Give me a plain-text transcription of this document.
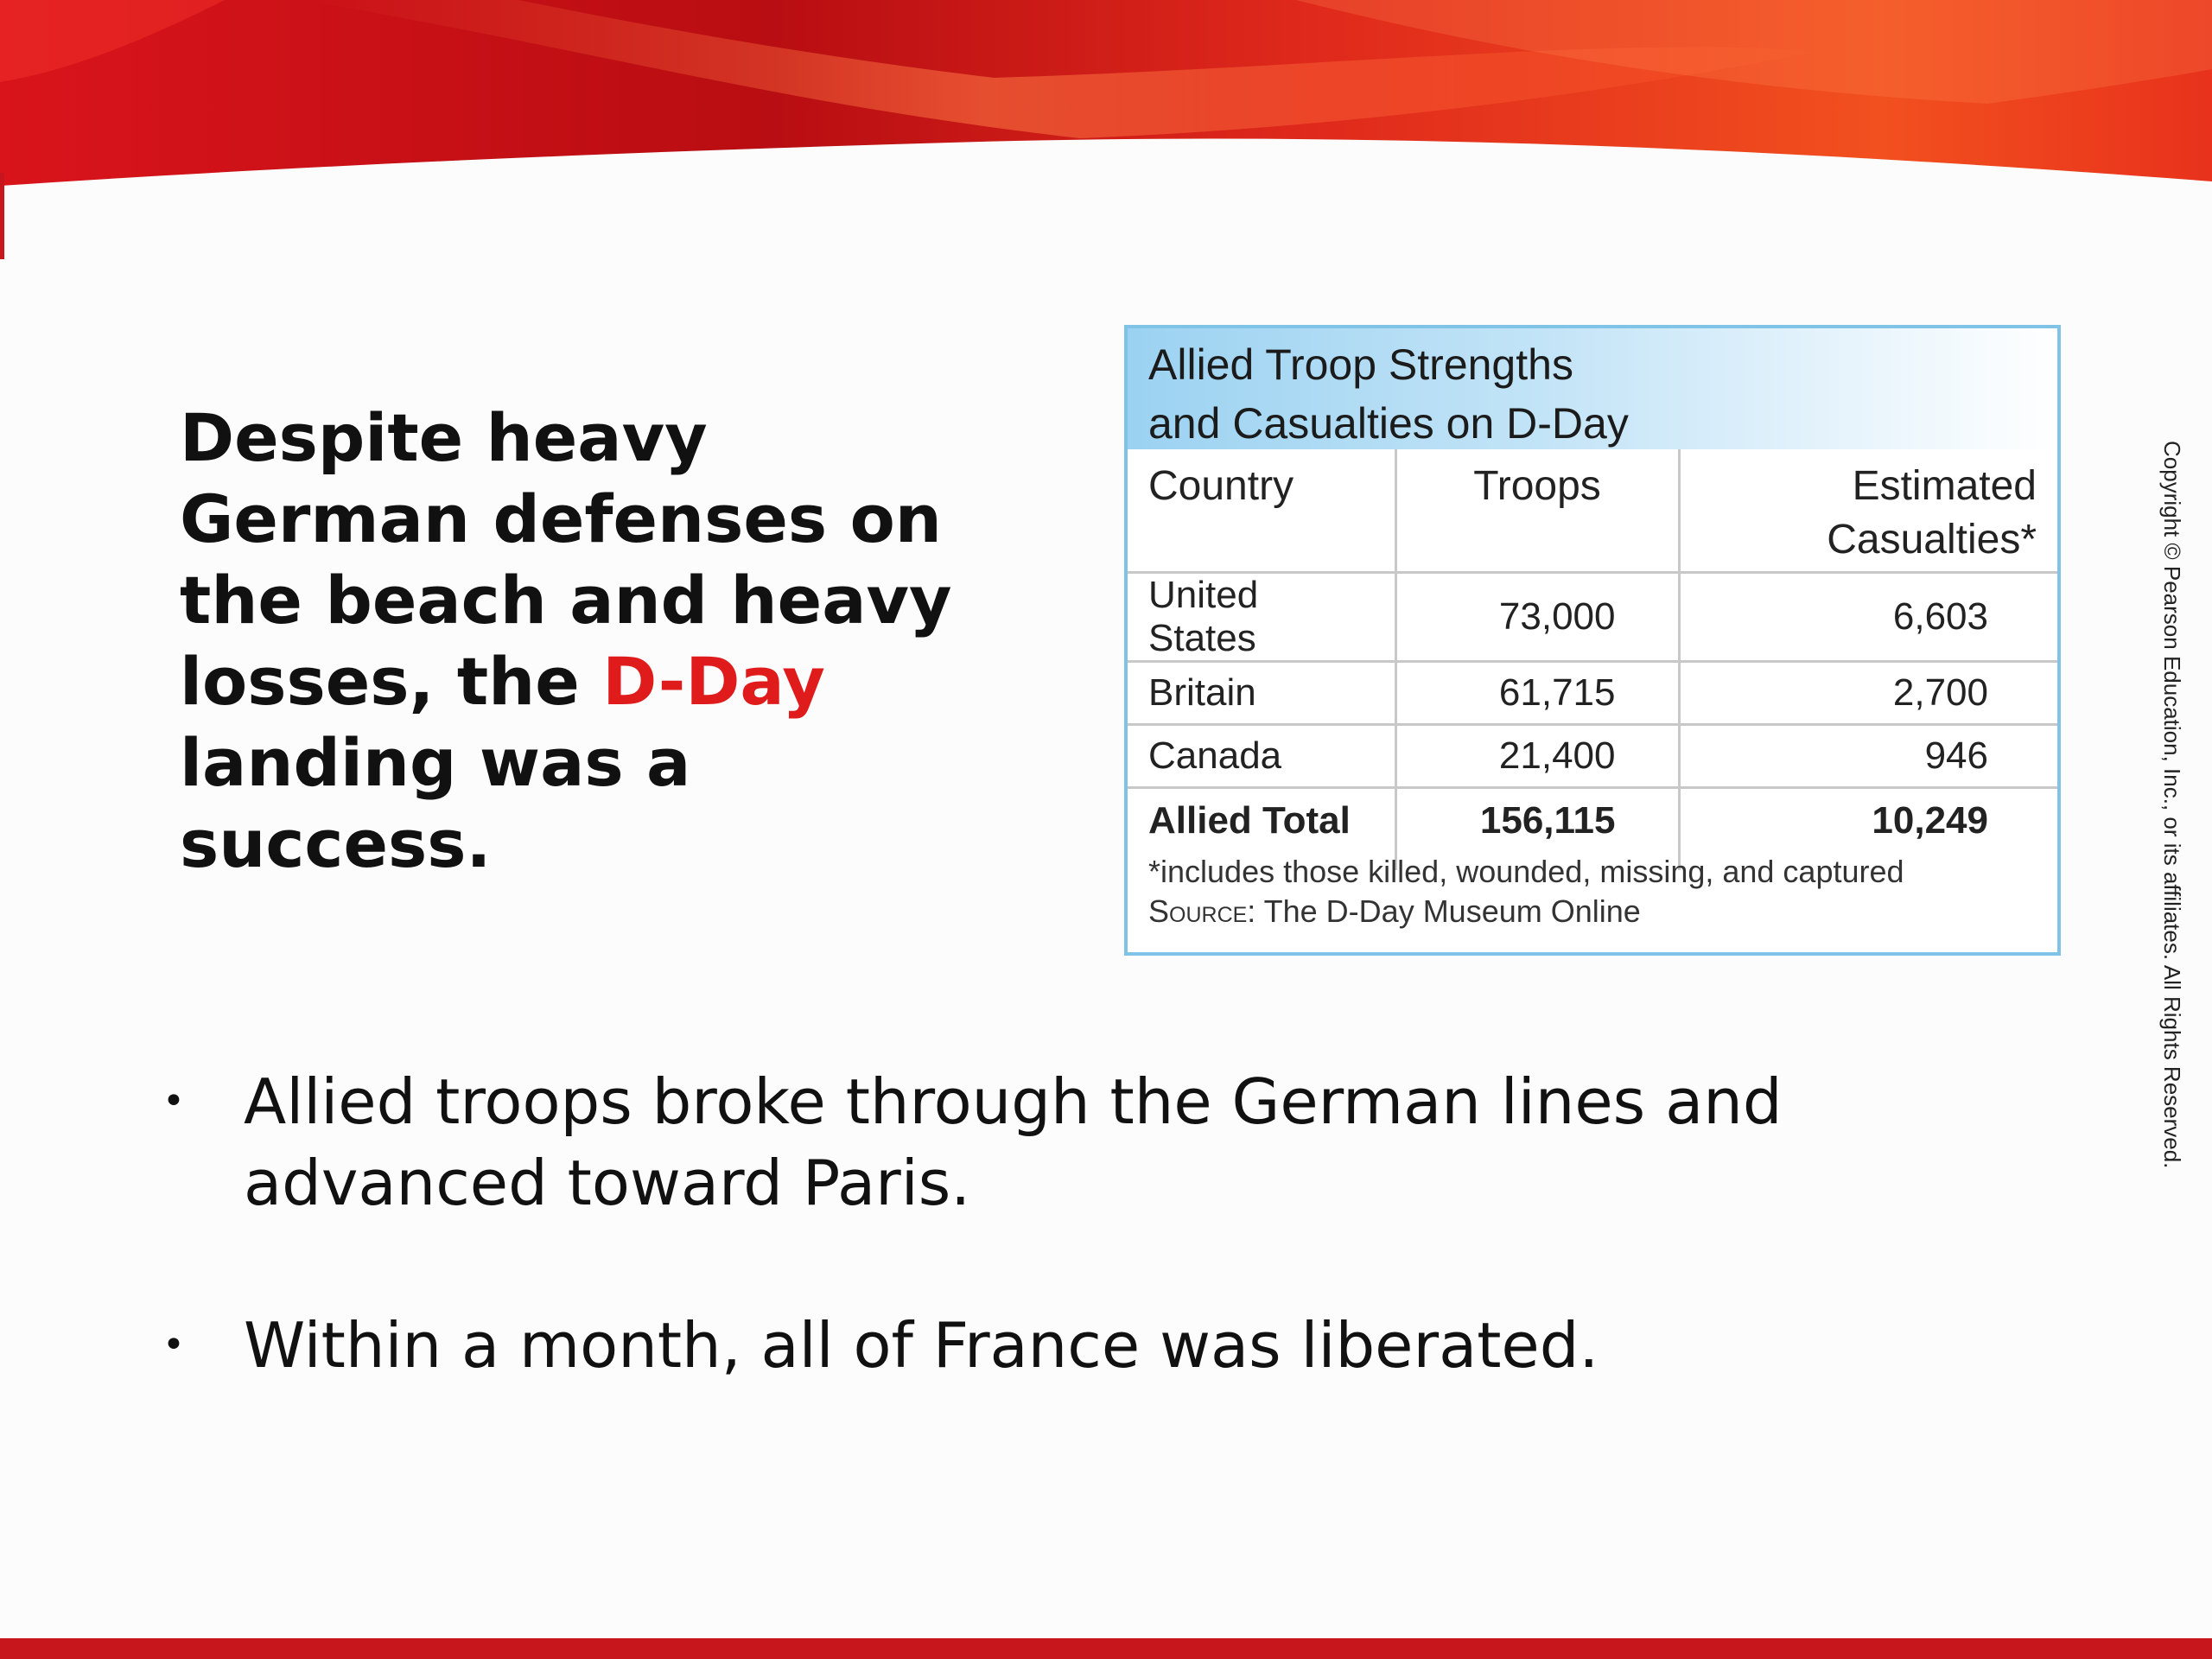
Despite heavy German defenses on the beach and heavy losses, the D-Day landing was a success.
Allied Troop Strengths
and Casualties on D-Day
Country	Troops	Estimated
Casualties*

United States	73,000	6,603
Britain	61,715	2,700
Canada	21,400	946
Allied Total	156,115	10,249
*includes those killed, wounded, missing, and captured
Source: The D-Day Museum Online
• Allied troops broke through the German lines and advanced toward Paris.
• Within a month, all of France was liberated.
Copyright © Pearson Education, Inc., or its affiliates. All Rights Reserved.
